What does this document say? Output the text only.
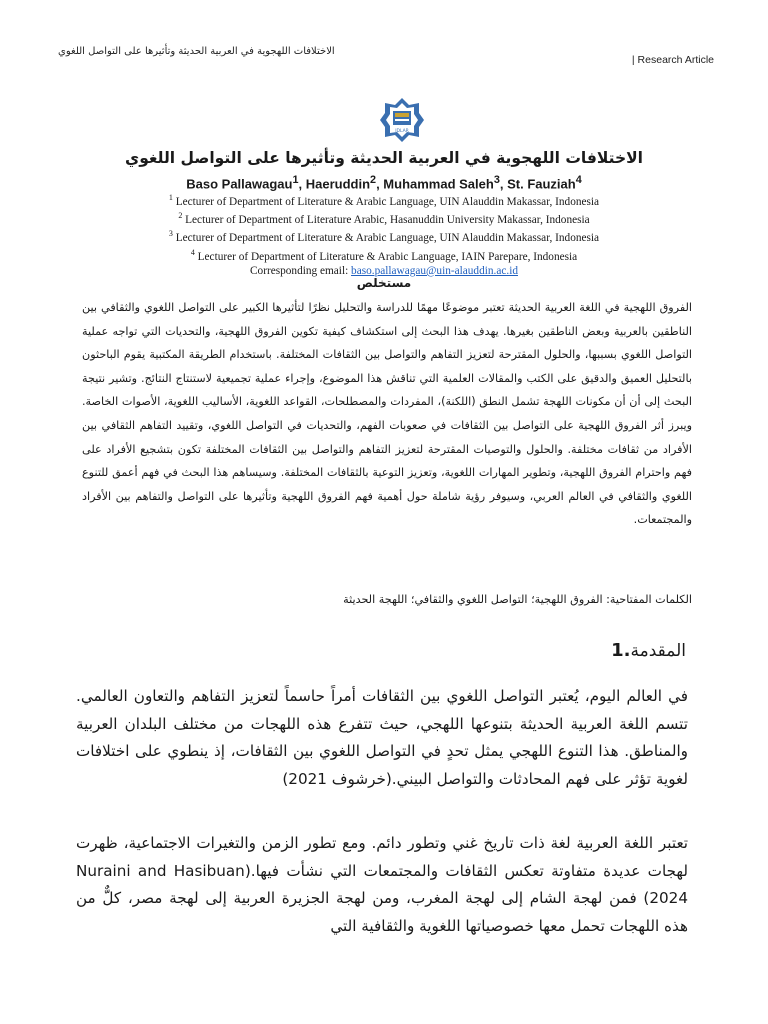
الاختلافات اللهجوية في العربية الحديثة وتأثيرها على التواصل اللغوي
| Research Article
IDLAR
الاختلافات اللهجوية في العربية الحديثة وتأثيرها على التواصل اللغوي
Baso Pallawagau$^1$, Haeruddin$^2$, Muhammad Saleh$^3$, St. Fauziah$^4$
$^1$ Lecturer of Department of Literature & Arabic Language, UIN Alauddin Makassar, Indonesia
$^2$ Lecturer of Department of Literature Arabic, Hasanuddin University Makassar, Indonesia
$^3$ Lecturer of Department of Literature & Arabic Language, UIN Alauddin Makassar, Indonesia
$^4$ Lecturer of Department of Literature & Arabic Language, IAIN Parepare, Indonesia
Corresponding email: baso.pallawagau@uin-alauddin.ac.id
مستخلص
الفروق اللهجية في اللغة العربية الحديثة تعتبر موضوعًا مهمًا للدراسة والتحليل نظرًا لتأثيرها الكبير على التواصل اللغوي والثقافي بين الناطقين بالعربية وبعض الناطقين بغيرها. يهدف هذا البحث إلى استكشاف كيفية تكوين الفروق اللهجية، والتحديات التي تواجه عملية التواصل اللغوي بسببها، والحلول المقترحة لتعزيز التفاهم والتواصل بين الثقافات المختلفة. باستخدام الطريقة المكتبية يقوم الباحثون بالتحليل العميق والدقيق على الكتب والمقالات العلمية التي تناقش هذا الموضوع، وإجراء عملية تجميعية لاستنتاج النتائج. وتشير نتيجة البحث إلى أن أن مكونات اللهجة تشمل النطق (اللكنة)، المفردات والمصطلحات، القواعد اللغوية، الأساليب اللغوية، الأصوات الخاصة. ويبرز أثر الفروق اللهجية على التواصل بين الثقافات في صعوبات الفهم، والتحديات في التواصل اللغوي، وتقييد التفاهم الثقافي بين الأفراد من ثقافات مختلفة. والحلول والتوصيات المقترحة لتعزيز التفاهم والتواصل بين الثقافات المختلفة تكون بتشجيع الأفراد على فهم واحترام الفروق اللهجية، وتطوير المهارات اللغوية، وتعزيز التوعية بالثقافات المختلفة. وسيساهم هذا البحث في فهم أعمق للتنوع اللغوي والثقافي في العالم العربي، وسيوفر رؤية شاملة حول أهمية فهم الفروق اللهجية وتأثيرها على التواصل والتفاهم بين الأفراد والمجتمعات.
الكلمات المفتاحية: الفروق اللهجية؛ التواصل اللغوي والثقافي؛ اللهجة الحديثة
المقدمة.1
في العالم اليوم، يُعتبر التواصل اللغوي بين الثقافات أمراً حاسماً لتعزيز التفاهم والتعاون العالمي. تتسم اللغة العربية الحديثة بتنوعها اللهجي، حيث تتفرع هذه اللهجات من مختلف البلدان العربية والمناطق. هذا التنوع اللهجي يمثل تحدٍ في التواصل اللغوي بين الثقافات، إذ ينطوي على اختلافات لغوية تؤثر على فهم المحادثات والتواصل البيني.(خرشوف 2021)
تعتبر اللغة العربية لغة ذات تاريخ غني وتطور دائم. ومع تطور الزمن والتغيرات الاجتماعية، ظهرت لهجات عديدة متفاوتة تعكس الثقافات والمجتمعات التي نشأت فيها.(Nuraini and Hasibuan 2024) فمن لهجة الشام إلى لهجة المغرب، ومن لهجة الجزيرة العربية إلى لهجة مصر، كلٌّ من هذه اللهجات تحمل معها خصوصياتها اللغوية والثقافية التي
